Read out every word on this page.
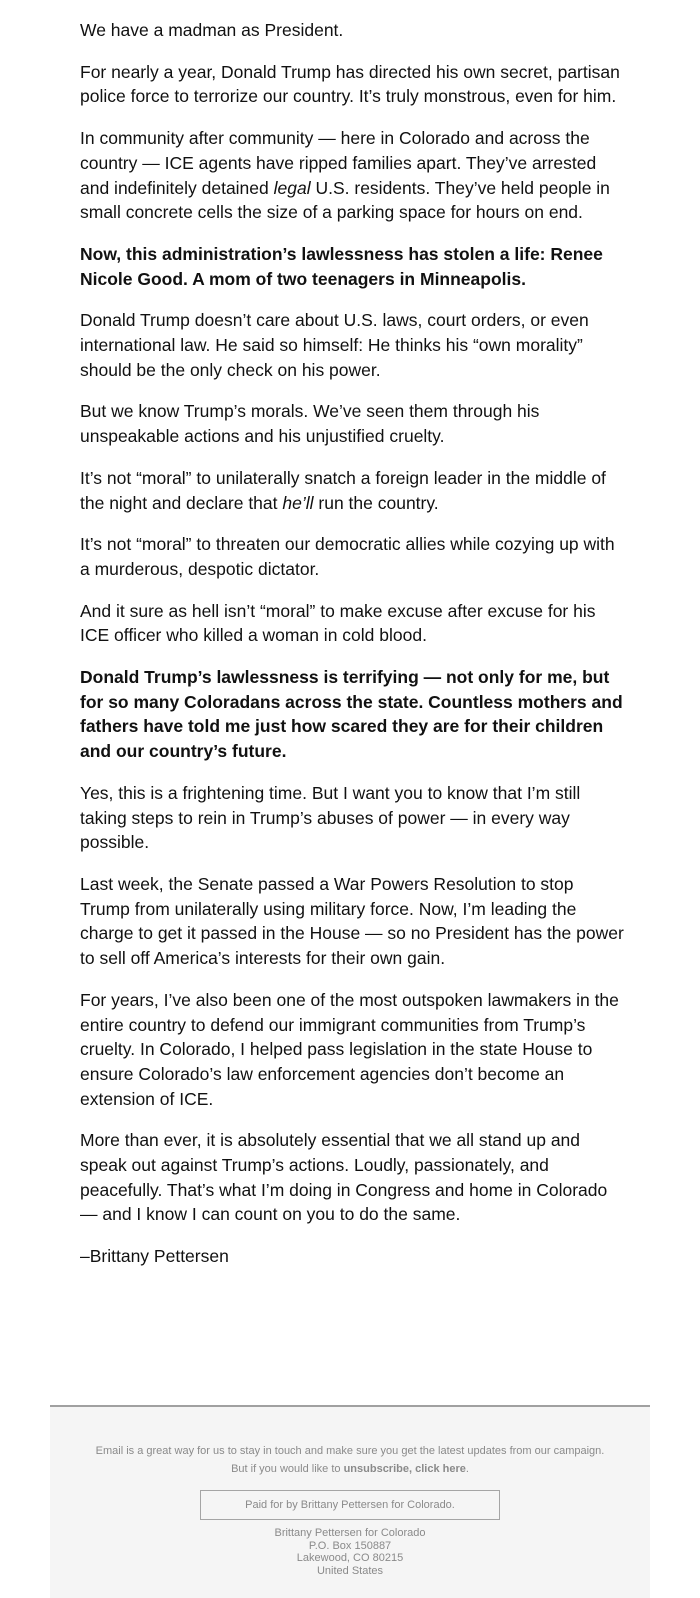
We have a madman as President.

For nearly a year, Donald Trump has directed his own secret, partisan police force to terrorize our country. It’s truly monstrous, even for him.

In community after community — here in Colorado and across the country — ICE agents have ripped families apart. They’ve arrested and indefinitely detained legal U.S. residents. They’ve held people in small concrete cells the size of a parking space for hours on end.

Now, this administration’s lawlessness has stolen a life: Renee Nicole Good. A mom of two teenagers in Minneapolis.

Donald Trump doesn’t care about U.S. laws, court orders, or even international law. He said so himself: He thinks his “own morality” should be the only check on his power.

But we know Trump’s morals. We’ve seen them through his unspeakable actions and his unjustified cruelty.

It’s not “moral” to unilaterally snatch a foreign leader in the middle of the night and declare that he’ll run the country.

It’s not “moral” to threaten our democratic allies while cozying up with a murderous, despotic dictator.

And it sure as hell isn’t “moral” to make excuse after excuse for his ICE officer who killed a woman in cold blood.

Donald Trump’s lawlessness is terrifying — not only for me, but for so many Coloradans across the state. Countless mothers and fathers have told me just how scared they are for their children and our country’s future.

Yes, this is a frightening time. But I want you to know that I’m still taking steps to rein in Trump’s abuses of power — in every way possible.

Last week, the Senate passed a War Powers Resolution to stop Trump from unilaterally using military force. Now, I’m leading the charge to get it passed in the House — so no President has the power to sell off America’s interests for their own gain.

For years, I’ve also been one of the most outspoken lawmakers in the entire country to defend our immigrant communities from Trump’s cruelty. In Colorado, I helped pass legislation in the state House to ensure Colorado’s law enforcement agencies don’t become an extension of ICE.

More than ever, it is absolutely essential that we all stand up and speak out against Trump’s actions. Loudly, passionately, and peacefully. That’s what I’m doing in Congress and home in Colorado — and I know I can count on you to do the same.

–Brittany Pettersen

Email is a great way for us to stay in touch and make sure you get the latest updates from our campaign.
But if you would like to unsubscribe, click here.
Paid for by Brittany Pettersen for Colorado.
Brittany Pettersen for Colorado
P.O. Box 150887
Lakewood, CO 80215
United States
